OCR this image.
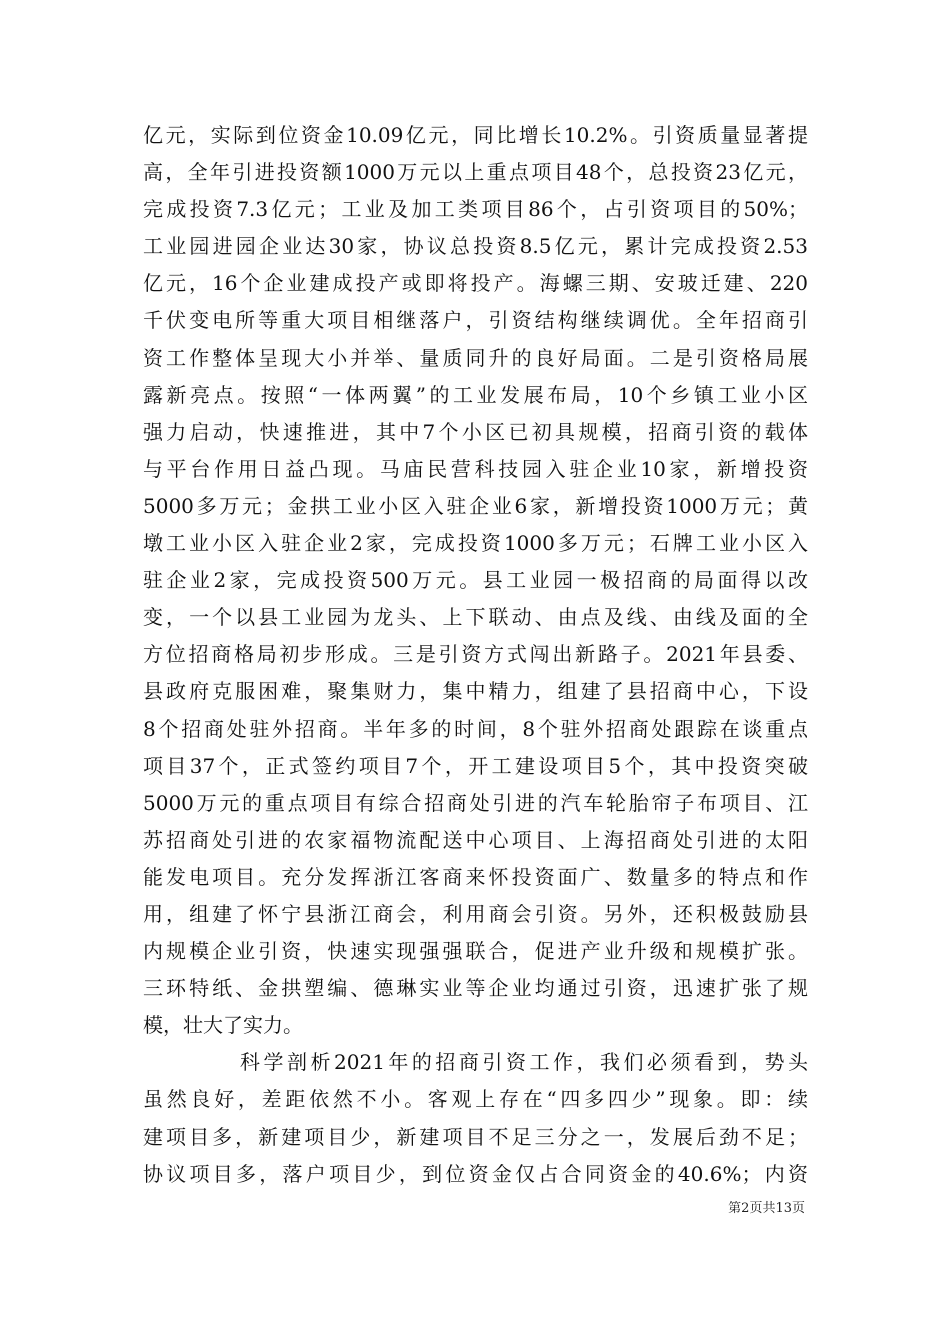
亿元，实际到位资金10.09亿元，同比增长10.2%。引资质量显著提
高，全年引进投资额1000万元以上重点项目48个，总投资23亿元，
完成投资7.3亿元；工业及加工类项目86个，占引资项目的50%；
工业园进园企业达30家，协议总投资8.5亿元，累计完成投资2.53
亿元，16个企业建成投产或即将投产。海螺三期、安玻迁建、220
千伏变电所等重大项目相继落户，引资结构继续调优。全年招商引
资工作整体呈现大小并举、量质同升的良好局面。二是引资格局展
露新亮点。按照“一体两翼”的工业发展布局，10个乡镇工业小区
强力启动，快速推进，其中7个小区已初具规模，招商引资的载体
与平台作用日益凸现。马庙民营科技园入驻企业10家，新增投资
5000多万元；金拱工业小区入驻企业6家，新增投资1000万元；黄
墩工业小区入驻企业2家，完成投资1000多万元；石牌工业小区入
驻企业2家，完成投资500万元。县工业园一极招商的局面得以改
变，一个以县工业园为龙头、上下联动、由点及线、由线及面的全
方位招商格局初步形成。三是引资方式闯出新路子。2021年县委、
县政府克服困难，聚集财力，集中精力，组建了县招商中心，下设
8个招商处驻外招商。半年多的时间，8个驻外招商处跟踪在谈重点
项目37个，正式签约项目7个，开工建设项目5个，其中投资突破
5000万元的重点项目有综合招商处引进的汽车轮胎帘子布项目、江
苏招商处引进的农家福物流配送中心项目、上海招商处引进的太阳
能发电项目。充分发挥浙江客商来怀投资面广、数量多的特点和作
用，组建了怀宁县浙江商会，利用商会引资。另外，还积极鼓励县
内规模企业引资，快速实现强强联合，促进产业升级和规模扩张。
三环特纸、金拱塑编、德琳实业等企业均通过引资，迅速扩张了规
模，壮大了实力。
科学剖析2021年的招商引资工作，我们必须看到，势头
虽然良好，差距依然不小。客观上存在“四多四少”现象。即：续
建项目多，新建项目少，新建项目不足三分之一，发展后劲不足；
协议项目多，落户项目少，到位资金仅占合同资金的40.6%；内资
第2页共13页
